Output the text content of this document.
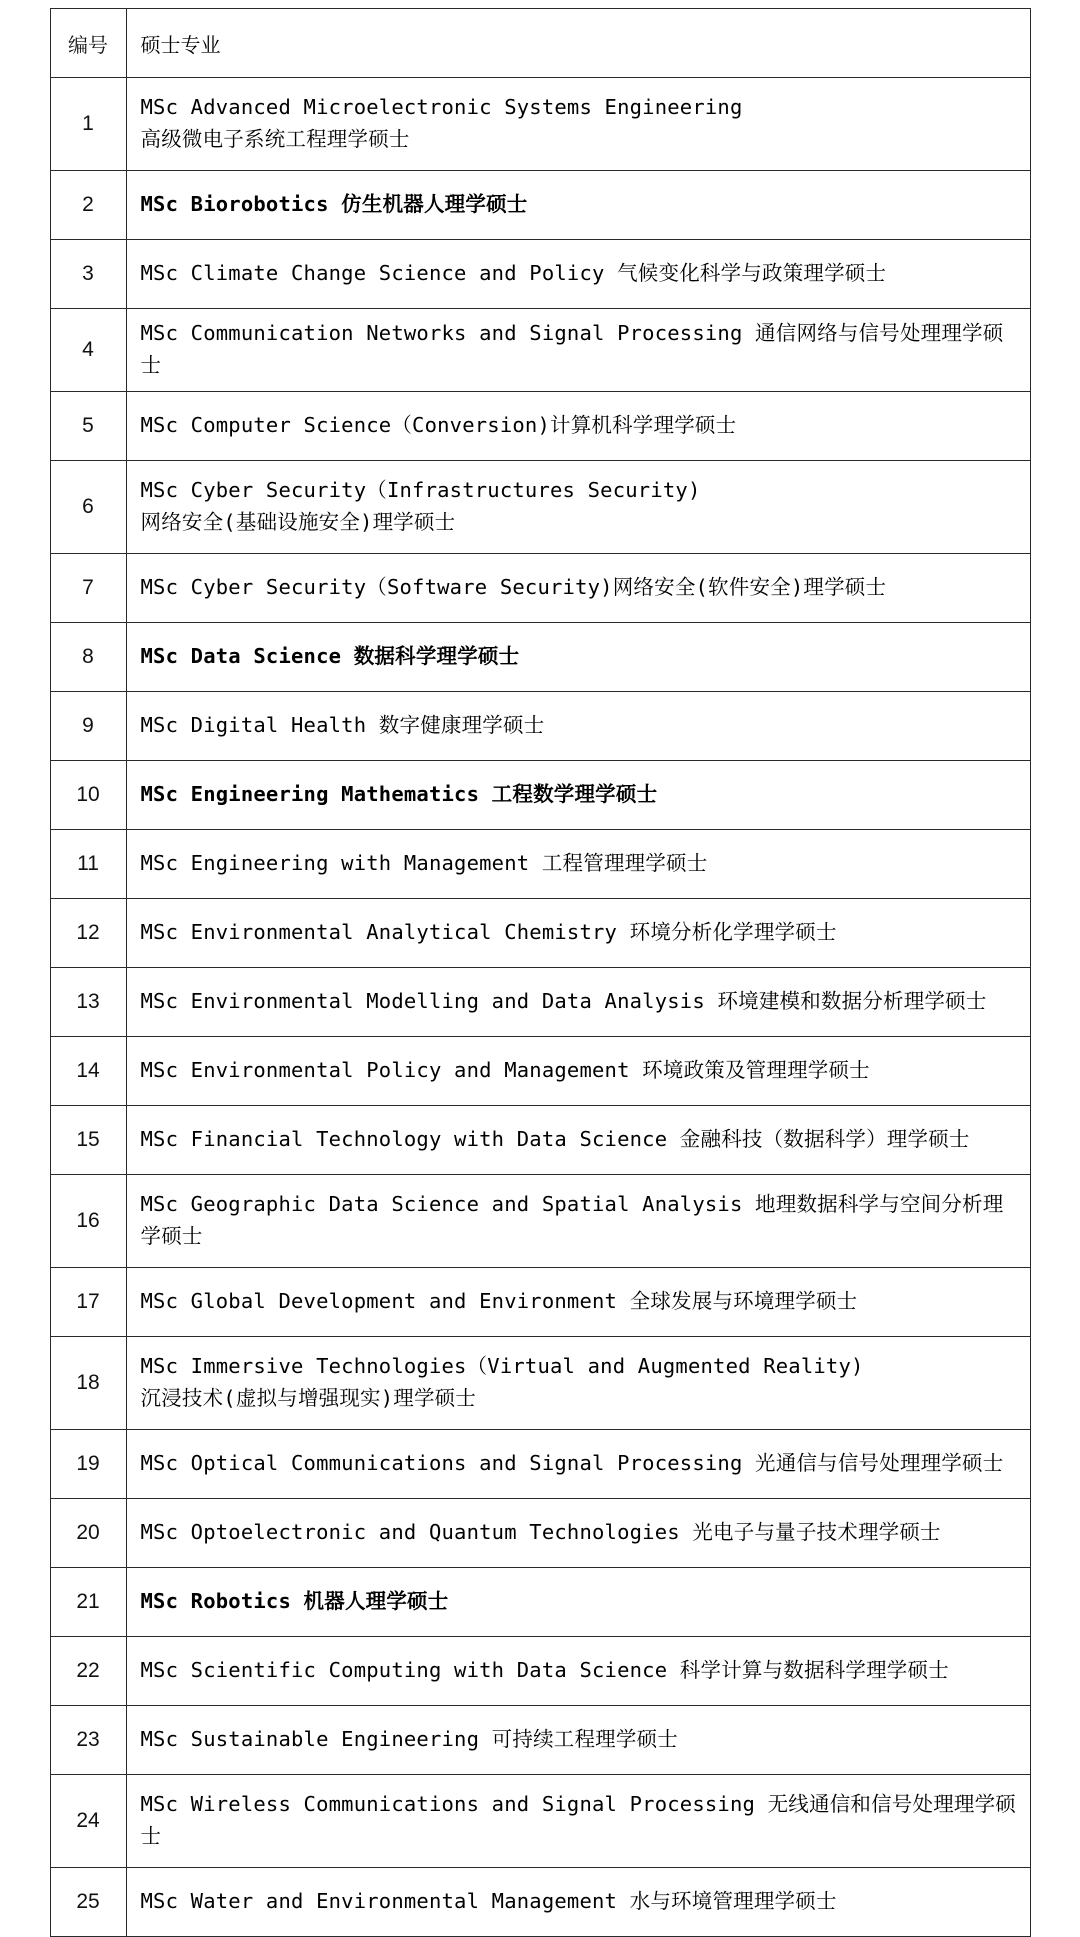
编号	硕士专业
1	MSc Advanced Microelectronic Systems Engineering
高级微电子系统工程理学硕士
2	MSc Biorobotics 仿生机器人理学硕士
3	MSc Climate Change Science and Policy 气候变化科学与政策理学硕士
4	MSc Communication Networks and Signal Processing 通信网络与信号处理理学硕士
5	MSc Computer Science（Conversion)计算机科学理学硕士
6	MSc Cyber Security（Infrastructures Security)
网络安全(基础设施安全)理学硕士
7	MSc Cyber Security（Software Security)网络安全(软件安全)理学硕士
8	MSc Data Science 数据科学理学硕士
9	MSc Digital Health 数字健康理学硕士
10	MSc Engineering Mathematics 工程数学理学硕士
11	MSc Engineering with Management 工程管理理学硕士
12	MSc Environmental Analytical Chemistry 环境分析化学理学硕士
13	MSc Environmental Modelling and Data Analysis 环境建模和数据分析理学硕士
14	MSc Environmental Policy and Management 环境政策及管理理学硕士
15	MSc Financial Technology with Data Science 金融科技（数据科学）理学硕士
16	MSc Geographic Data Science and Spatial Analysis 地理数据科学与空间分析理学硕士
17	MSc Global Development and Environment 全球发展与环境理学硕士
18	MSc Immersive Technologies（Virtual and Augmented Reality)
沉浸技术(虚拟与增强现实)理学硕士
19	MSc Optical Communications and Signal Processing 光通信与信号处理理学硕士
20	MSc Optoelectronic and Quantum Technologies 光电子与量子技术理学硕士
21	MSc Robotics 机器人理学硕士
22	MSc Scientific Computing with Data Science 科学计算与数据科学理学硕士
23	MSc Sustainable Engineering 可持续工程理学硕士
24	MSc Wireless Communications and Signal Processing 无线通信和信号处理理学硕士
25	MSc Water and Environmental Management 水与环境管理理学硕士
